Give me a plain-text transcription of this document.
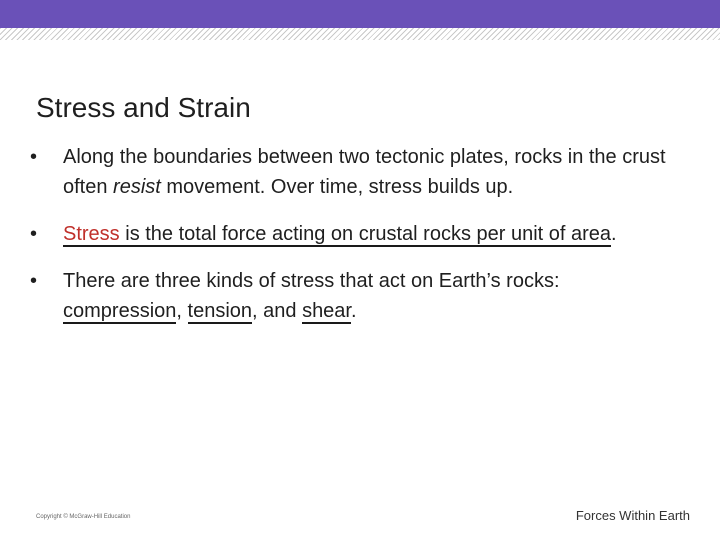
Stress and Strain
• Along the boundaries between two tectonic plates, rocks in the crust often resist movement. Over time, stress builds up.
• Stress is the total force acting on crustal rocks per unit of area.
• There are three kinds of stress that act on Earth’s rocks: compression, tension, and shear.
Copyright © McGraw-Hill Education	Forces Within Earth
